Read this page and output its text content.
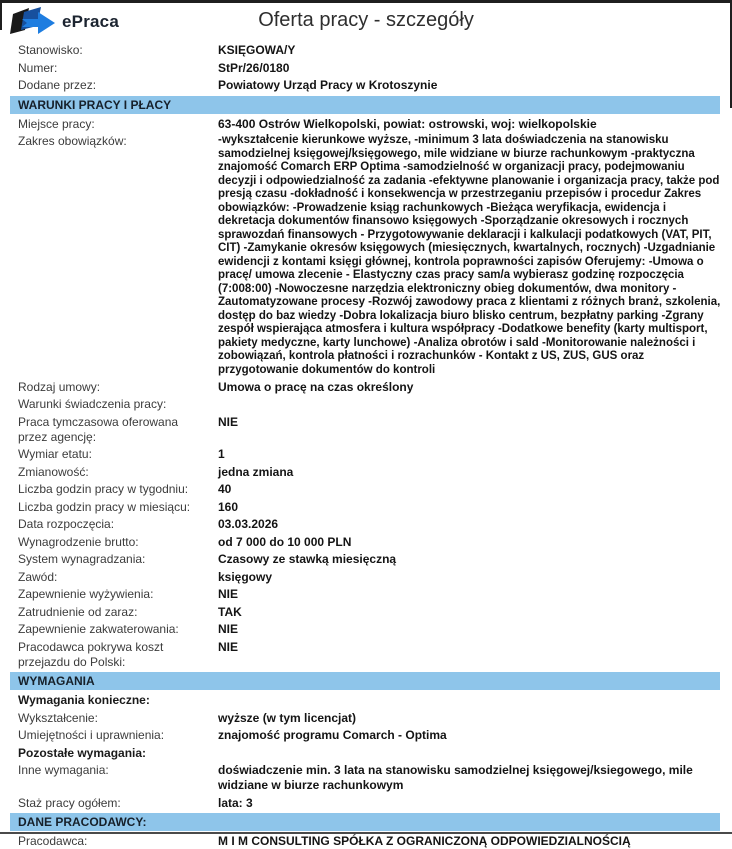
ePraca	Oferta pracy - szczegóły
Stanowisko:	KSIĘGOWA/Y
Numer:	StPr/26/0180
Dodane przez:	Powiatowy Urząd Pracy w Krotoszynie
WARUNKI PRACY I PŁACY
Miejsce pracy:	63-400 Ostrów Wielkopolski, powiat: ostrowski, woj: wielkopolskie
Zakres obowiązków:	-wykształcenie kierunkowe wyższe, -minimum 3 lata doświadczenia na stanowisku samodzielnej księgowej/księgowego, mile widziane w biurze rachunkowym -praktyczna znajomość Comarch ERP Optima -samodzielność w organizacji pracy, podejmowaniu decyzji i odpowiedzialność za zadania -efektywne planowanie i organizacja pracy, także pod presją czasu -dokładność i konsekwencja w przestrzeganiu przepisów i procedur Zakres obowiązków: -Prowadzenie ksiąg rachunkowych -Bieżąca weryfikacja, ewidencja i dekretacja dokumentów finansowo księgowych -Sporządzanie okresowych i rocznych sprawozdań finansowych - Przygotowywanie deklaracji i kalkulacji podatkowych (VAT, PIT, CIT) -Zamykanie okresów księgowych (miesięcznych, kwartalnych, rocznych) -Uzgadnianie ewidencji z kontami księgi głównej, kontrola poprawności zapisów Oferujemy: -Umowa o pracę/ umowa zlecenie - Elastyczny czas pracy sam/a wybierasz godzinę rozpoczęcia (7:008:00) -Nowoczesne narzędzia elektroniczny obieg dokumentów, dwa monitory -Zautomatyzowane procesy -Rozwój zawodowy praca z klientami z różnych branż, szkolenia, dostęp do baz wiedzy -Dobra lokalizacja biuro blisko centrum, bezpłatny parking -Zgrany zespół wspierająca atmosfera i kultura współpracy -Dodatkowe benefity (karty multisport, pakiety medyczne, karty lunchowe) -Analiza obrotów i sald -Monitorowanie należności i zobowiązań, kontrola płatności i rozrachunków - Kontakt z US, ZUS, GUS oraz przygotowanie dokumentów do kontroli
Rodzaj umowy:	Umowa o pracę na czas określony
Warunki świadczenia pracy:
Praca tymczasowa oferowana przez agencję:
NIE
Wymiar etatu:	1
Zmianowość:	jedna zmiana
Liczba godzin pracy w tygodniu:	40
Liczba godzin pracy w miesiącu:	160
Data rozpoczęcia:	03.03.2026
Wynagrodzenie brutto:	od 7 000 do 10 000 PLN
System wynagradzania:	Czasowy ze stawką miesięczną
Zawód:	księgowy
Zapewnienie wyżywienia:	NIE
Zatrudnienie od zaraz:	TAK
Zapewnienie zakwaterowania:	NIE
Pracodawca pokrywa koszt przejazdu do Polski:
NIE
WYMAGANIA
Wymagania konieczne:
Wykształcenie:	wyższe (w tym licencjat)
Umiejętności i uprawnienia:	znajomość programu Comarch - Optima
Pozostałe wymagania:
Inne wymagania:	doświadczenie min. 3 lata na stanowisku samodzielnej księgowej/ksiegowego, mile widziane w biurze rachunkowym
Staż pracy ogółem:	lata: 3
DANE PRACODAWCY:
Pracodawca:	M I M CONSULTING SPÓŁKA Z OGRANICZONĄ ODPOWIEDZIALNOŚCIĄ
